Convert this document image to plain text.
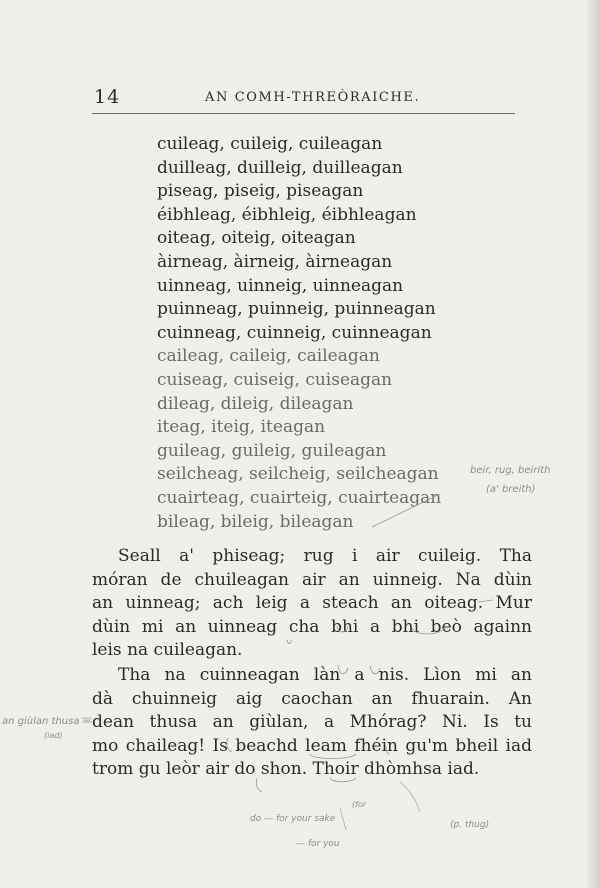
14	AN COMH-THREÒRAICHE.
cuileag, cuileig, cuileagan
duilleag, duilleig, duilleagan
piseag, piseig, piseagan
éibhleag, éibhleig, éibhleagan
oiteag, oiteig, oiteagan
àirneag, àirneig, àirneagan
uinneag, uinneig, uinneagan
puinneag, puinneig, puinneagan
cuinneag, cuinneig, cuinneagan
caileag, caileig, caileagan
cuiseag, cuiseig, cuiseagan
dileag, dileig, dileagan
iteag, iteig, iteagan
guileag, guileig, guileagan
seilcheag, seilcheig, seilcheagan
cuairteag, cuairteig, cuairteagan
bileag, bileig, bileagan

Seall a' phiseag; rug i air cuileig. Tha
móran de chuileagan air an uinneig. Na dùin
an uinneag; ach leig a steach an oiteag. Mur
dùin mi an uinneag cha bhi a bhi beò againn
leis na cuileagan.

Tha na cuinneagan làn a nis. Lìon mi an
dà chuinneig aig caochan an fhuarain. An
dean thusa an giùlan, a Mhórag? Ni. Is tu
mo chaileag! Is beachd leam fhéin gu'm bheil iad
trom gu leòr air do shon. Thoir dhòmhsa iad.

beir, rug, beirith
(a' breith)
an giùlan thusa =
(iad)
do — for your sake
— for you
(for
(p. thug)
